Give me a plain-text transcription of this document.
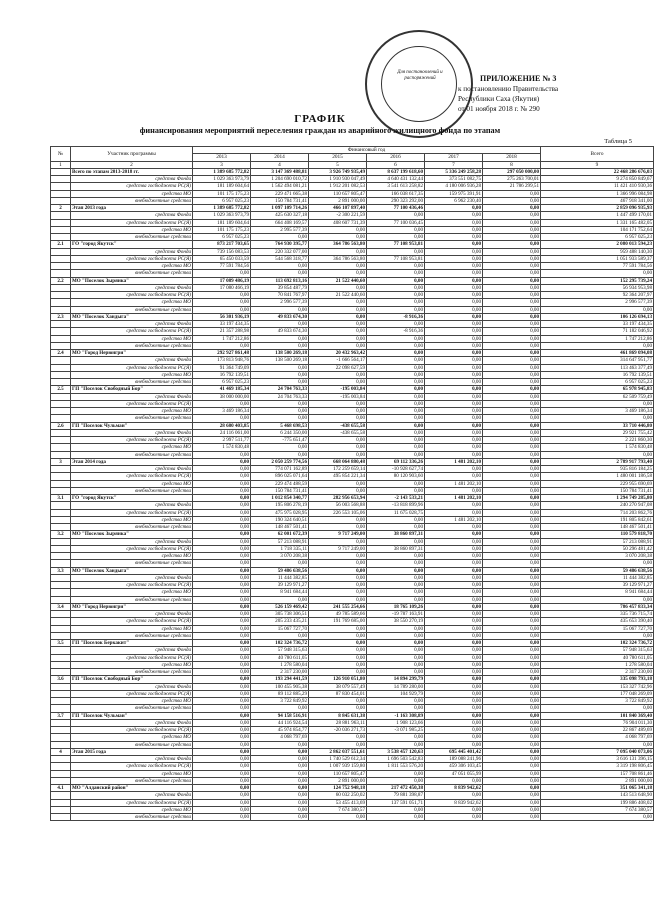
Для постановлений и распоряжений	ПРИЛОЖЕНИЕ № 3
к постановлению Правительства
Республики Саха (Якутия)
от 01 ноября 2018 г. № 290
ГРАФИК
финансирования мероприятий переселения граждан из аварийного жилищного фонда по этапам
Таблица 5
№	Участник программы	Финансовый год						Всего
		2013	2014	2015	2016	2017	2018	
1	2	3	4	5	6	7	8	9
	Всего по этапам 2013-2018 гг.	1 389 685 772,82	3 147 369 488,81	3 926 749 935,49	8 637 199 618,60	5 336 249 258,28	297 050 000,00	22 468 286 676,03
	средства Фонда	1 029 363 973,79	1 204 690 010,72	1 910 930 047,49	4 640 431 132,44	373 551 082,75	275 263 700,01	9 274 850 849,67
	средства госбюджета РС(Я)	181 189 604,64	1 562 494 081,21	1 912 201 082,53	3 541 613 258,82	4 180 006 936,28	21 786 299,51	11 421 410 930,36
	средства МО	101 175 175,23	229 471 665,38	110 657 805,47	166 038 617,35	159 975 391,91	0,00	1 366 996 084,98
	внебюджетные средства	6 957 025,23	150 784 731,41	2 891 000,00	290 323 292,00	6 962 230,40	0,00	467 918 341,00
2	Этап 2013 года	1 389 685 772,82	1 097 109 714,26	466 107 897,40	77 100 436,46	0,00	0,00	2 859 096 935,93
	средства Фонда	1 029 363 973,79	425 630 327,18	-2 300 221,59	0,00	0,00	0,00	1 447 499 170,01
	средства госбюджета РС(Я)	181 189 604,64	664 408 169,57	408 607 731,39	77 100 036,45	0,00	0,00	1 331 165 482,05
	средства МО	101 175 175,23	2 995 577,39	0,00	0,00	0,00	0,00	104 171 752,64
	внебюджетные средства	6 957 025,23	0,00	0,00	0,00	0,00	0,00	6 957 025,23
2.1	ГО "город Якутск"	873 217 703,65	764 930 395,77	364 786 563,80	77 108 953,81	0,00	0,00	2 080 013 594,23
	средства Фонда	739 156 083,53	220 332 077,00	0,00	0,00	0,00	0,00	959 488 140,30
	средства госбюджета РС(Я)	65 450 033,59	544 568 318,77	364 786 563,80	77 108 953,81	0,00	0,00	1 051 933 589,37
	средства МО	77 591 784,56	0,00	0,00	0,00	0,00	0,00	77 591 784,56
	внебюджетные средства	0,00	0,00	0,00	0,00	0,00	0,00	0,00
2.2	МО "Поселок Зырянка"	17 089 486,19	113 692 813,16	21 522 440,60	0,00	0,00	0,00	152 295 739,24
	средства Фонда	17 080 466,19	39 854 487,79	0,00	0,00	0,00	0,00	56 934 953,98
	средства госбюджета РС(Я)	0,00	70 841 767,97	21 522 440,60	0,00	0,00	0,00	92 364 207,97
	средства МО	0,00	2 996 577,39	0,00	0,00	0,00	0,00	2 996 577,39
	внебюджетные средства	0,00	0,00	0,00	0,00	0,00	0,00	0,00
2.3	МО "Поселок Хандыга"	56 301 936,19	49 833 674,30	0,00	-8 916,36	0,00	0,00	106 126 694,13
	средства Фонда	33 197 434,35	0,00	0,00	0,00	0,00	0,00	33 197 434,35
	средства госбюджета РС(Я)	21 357 288,98	49 833 674,30	0,00	-8 916,36	0,00	0,00	71 182 046,92
	средства МО	1 747 212,86	0,00	0,00	0,00	0,00	0,00	1 747 212,86
	внебюджетные средства	0,00	0,00	0,00	0,00	0,00	0,00	0,00
2.4	МО "Город Нерюнгри"	292 927 861,48	138 500 269,18	20 432 963,42	0,00	0,00	0,00	461 869 094,08
	средства Фонда	173 813 948,76	138 500 269,18	-1 666 564,17	0,00	0,00	0,00	314 647 951,77
	средства госбюджета РС(Я)	91 364 749,09	0,00	22 098 627,59	0,00	0,00	0,00	113 463 377,49
	средства МО	16 792 139,51	0,00	0,00	0,00	0,00	0,00	16 792 139,51
	внебюджетные средства	6 957 025,23	0,00	0,00	0,00	0,00	0,00	6 957 025,23
2.5	ГП "Поселок Свободный Бор"	41 469 185,34	24 704 763,33	-195 003,84	0,00	0,00	0,00	65 978 945,83
	средства Фонда	38 000 000,00	24 704 763,33	-195 003,84	0,00	0,00	0,00	62 509 759,49
	средства госбюджета РС(Я)	0,00	0,00	0,00	0,00	0,00	0,00	0,00
	средства МО	3 469 186,34	0,00	0,00	0,00	0,00	0,00	3 469 186,34
	внебюджетные средства	0,00	0,00	0,00	0,00	0,00	0,00	0,00
2.6	ГП "Поселок Чульман"	28 680 403,85	5 468 698,53	-438 655,58	0,00	0,00	0,00	33 710 446,80
	средства Фонда	24 116 061,00	6 244 350,00	-438 655,58	0,00	0,00	0,00	29 921 755,42
	средства госбюджета РС(Я)	2 997 511,77	-775 651,47	0,00	0,00	0,00	0,00	2 221 860,30
	средства МО	1 574 830,48	0,00	0,00	0,00	0,00	0,00	1 574 830,48
	внебюджетные средства	0,00	0,00	0,00	0,00	0,00	0,00	0,00
3	Этап 2014 года	0,00	2 050 259 774,56	668 064 880,48	69 112 336,26	1 481 202,10	0,00	2 789 917 793,40
	средства Фонда	0,00	774 071 162,89	172 259 659,14	-10 928 627,74	0,00	0,00	935 816 184,25
	средства госбюджета РС(Я)	0,00	896 025 071,64	495 854 221,34	80 120 903,60	0,00	0,00	1 480 001 186,58
	средства МО	0,00	229 474 488,59	0,00	0,00	1 481 202,10	0,00	229 955 690,69
	внебюджетные средства	0,00	150 784 731,41	0,00	0,00	0,00	0,00	150 784 731,41
3.1	ГО "город Якутск"	0,00	1 012 854 340,77	282 956 653,94	-2 143 533,21	1 481 202,10	0,00	1 294 749 285,80
	средства Фонда	0,00	195 806 278,19	56 003 568,88	-13 818 899,96	0,00	0,00	240 270 947,08
	средства госбюджета РС(Я)	0,00	475 975 028,95	226 553 105,06	11 675 028,75	0,00	0,00	714 203 862,76
	средства МО	0,00	190 324 640,51	0,00	0,00	1 481 202,10	0,00	191 805 842,61
	внебюджетные средства	0,00	148 467 501,41	0,00	0,00	0,00	0,00	148 467 501,41
3.2	МО "Поселок Зырянка"	0,00	62 001 672,39	9 717 249,00	38 860 897,31	0,00	0,00	110 579 818,70
	средства Фонда	0,00	57 213 088,91	0,00	0,00	0,00	0,00	57 213 088,91
	средства госбюджета РС(Я)	0,00	1 718 335,11	9 717 249,00	38 860 897,31	0,00	0,00	50 296 481,42
	средства МО	0,00	3 070 208,38	0,00	0,00	0,00	0,00	3 070 208,38
	внебюджетные средства	0,00	0,00	0,00	0,00	0,00	0,00	0,00
3.3	МО "Поселок Хандыга"	0,00	59 486 638,56	0,00	0,00	0,00	0,00	59 486 638,56
	средства Фонда	0,00	11 444 382,85	0,00	0,00	0,00	0,00	11 444 382,85
	средства госбюджета РС(Я)	0,00	39 129 971,27	0,00	0,00	0,00	0,00	39 129 971,27
	средства МО	0,00	8 941 684,44	0,00	0,00	0,00	0,00	8 941 684,44
	внебюджетные средства	0,00	0,00	0,00	0,00	0,00	0,00	0,00
3.4	МО "Город Нерюнгри"	0,00	526 159 469,42	241 555 254,66	18 765 109,26	0,00	0,00	786 457 833,34
	средства Фонда	0,00	305 738 306,51	49 785 589,66	-19 787 163,91	0,00	0,00	335 736 715,74
	средства госбюджета РС(Я)	0,00	205 233 435,21	191 769 685,00	38 550 270,19	0,00	0,00	435 653 390,40
	средства МО	0,00	15 067 727,70	0,00	0,00	0,00	0,00	15 067 727,70
	внебюджетные средства	0,00	0,00	0,00	0,00	0,00	0,00	0,00
3.5	ГП "Поселок Беркакит"	0,00	102 324 736,72	0,00	0,00	0,00	0,00	102 324 736,72
	средства Фонда	0,00	57 948 315,63	0,00	0,00	0,00	0,00	57 948 315,63
	средства госбюджета РС(Я)	0,00	40 780 611,05	0,00	0,00	0,00	0,00	40 780 611,05
	средства МО	0,00	1 278 580,04	0,00	0,00	0,00	0,00	1 278 580,04
	внебюджетные средства	0,00	2 317 230,00	0,00	0,00	0,00	0,00	2 317 230,00
3.6	ГП "Поселок Свободный Бор"	0,00	193 294 441,59	126 910 051,80	14 894 299,79	0,00	0,00	335 098 793,18
	средства Фонда	0,00	100 455 905,38	38 079 557,49	14 789 280,00	0,00	0,00	153 327 742,96
	средства госбюджета РС(Я)	0,00	89 112 885,29	87 830 454,01	104 929,79	0,00	0,00	177 048 269,09
	средства МО	0,00	3 722 849,92	0,00	0,00	0,00	0,00	3 722 849,92
	внебюджетные средства	0,00	0,00	0,00	0,00	0,00	0,00	0,00
3.7	ГП "Поселок Чульман"	0,00	94 158 516,91	8 845 631,38	-1 163 308,89	0,00	0,00	101 840 369,40
	средства Фонда	0,00	44 116 924,54	28 881 963,11	1 908 123,66	0,00	0,00	76 904 011,30
	средства госбюджета РС(Я)	0,00	45 974 854,77	-20 036 271,73	-3 071 985,25	0,00	0,00	22 867 489,69
	средства МО	0,00	4 068 797,69	0,00	0,00	0,00	0,00	4 068 797,69
	внебюджетные средства	0,00	0,00	0,00	0,00	0,00	0,00	0,00
4	Этап 2015 года	0,00	0,00	2 862 037 551,61	3 538 457 120,63	695 445 401,42	0,00	7 095 040 073,06
	средства Фонда	0,00	0,00	1 740 529 612,34	1 696 503 542,83	189 088 241,96	0,00	3 616 131 396,15
	средства госбюджета РС(Я)	0,00	0,00	1 007 939 159,80	1 811 553 576,20	459 306 103,45	0,00	3 319 198 806,45
	средства МО	0,00	0,00	110 657 805,47	0,00	47 051 055,99	0,00	157 708 861,46
	внебюджетные средства	0,00	0,00	2 891 000,00	0,00	0,00	0,00	2 891 000,00
4.1	МО "Алданский район"	0,00	0,00	124 752 948,18	217 472 450,38	8 839 942,62	0,00	351 065 341,18
	средства Фонда	0,00	0,00	60 032 250,02	79 881 398,87	0,00	0,00	143 513 648,90
	средства госбюджета РС(Я)	0,00	0,00	53 455 413,69	137 591 051,71	8 839 942,62	0,00	199 886 408,02
	средства МО	0,00	0,00	7 674 380,57	0,00	0,00	0,00	7 674 380,57
	внебюджетные средства	0,00	0,00	0,00	0,00	0,00	0,00	0,00
